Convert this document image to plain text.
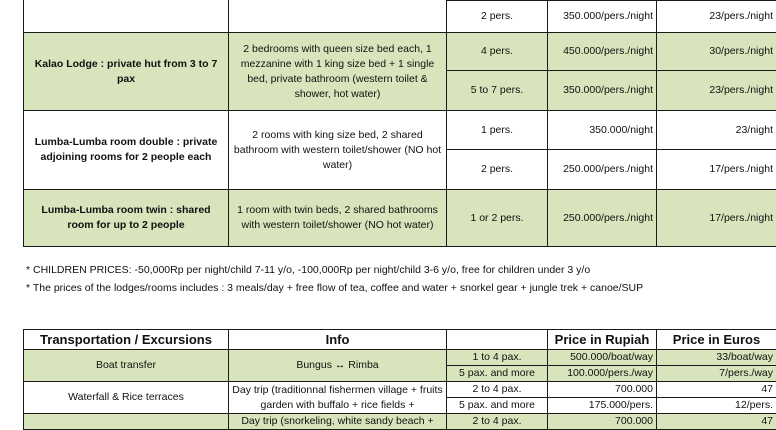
		2 pers.	350.000/pers./night	23/pers./night
Kalao Lodge : private hut from 3 to 7 pax	2 bedrooms with queen size bed each, 1 mezzanine with 1 king size bed + 1 single bed, private bathroom (western toilet & shower, hot water)	4 pers.	450.000/pers./night	30/pers./night
		5 to 7 pers.	350.000/pers./night	23/pers./night
Lumba-Lumba room double : private adjoining rooms for 2 people each	2 rooms with king size bed, 2 shared bathroom with western toilet/shower (NO hot water)	1 pers.	350.000/night	23/night
		2 pers.	250.000/pers./night	17/pers./night
Lumba-Lumba room twin : shared room for up to 2 people	1 room with twin beds, 2 shared bathrooms with western toilet/shower (NO hot water)	1 or 2 pers.	250.000/pers./night	17/pers./night
* CHILDREN PRICES: -50,000Rp per night/child 7-11 y/o, -100,000Rp per night/child 3-6 y/o, free for children under 3 y/o
* The prices of the lodges/rooms includes : 3 meals/day + free flow of tea, coffee and water + snorkel gear + jungle trek + canoe/SUP
Transportation / Excursions	Info		Price in Rupiah	Price in Euros
Boat transfer	Bungus ↔ Rimba	1 to 4 pax.	500.000/boat/way	33/boat/way
		5 pax. and more	100.000/pers./way	7/pers./way
Waterfall & Rice terraces	Day trip (traditionnal fishermen village + fruits garden with buffalo + rice fields +	2 to 4 pax.	700.000	47
		5 pax. and more	175.000/pers.	12/pers.
	Day trip (snorkeling, white sandy beach +	2 to 4 pax.	700.000	47
